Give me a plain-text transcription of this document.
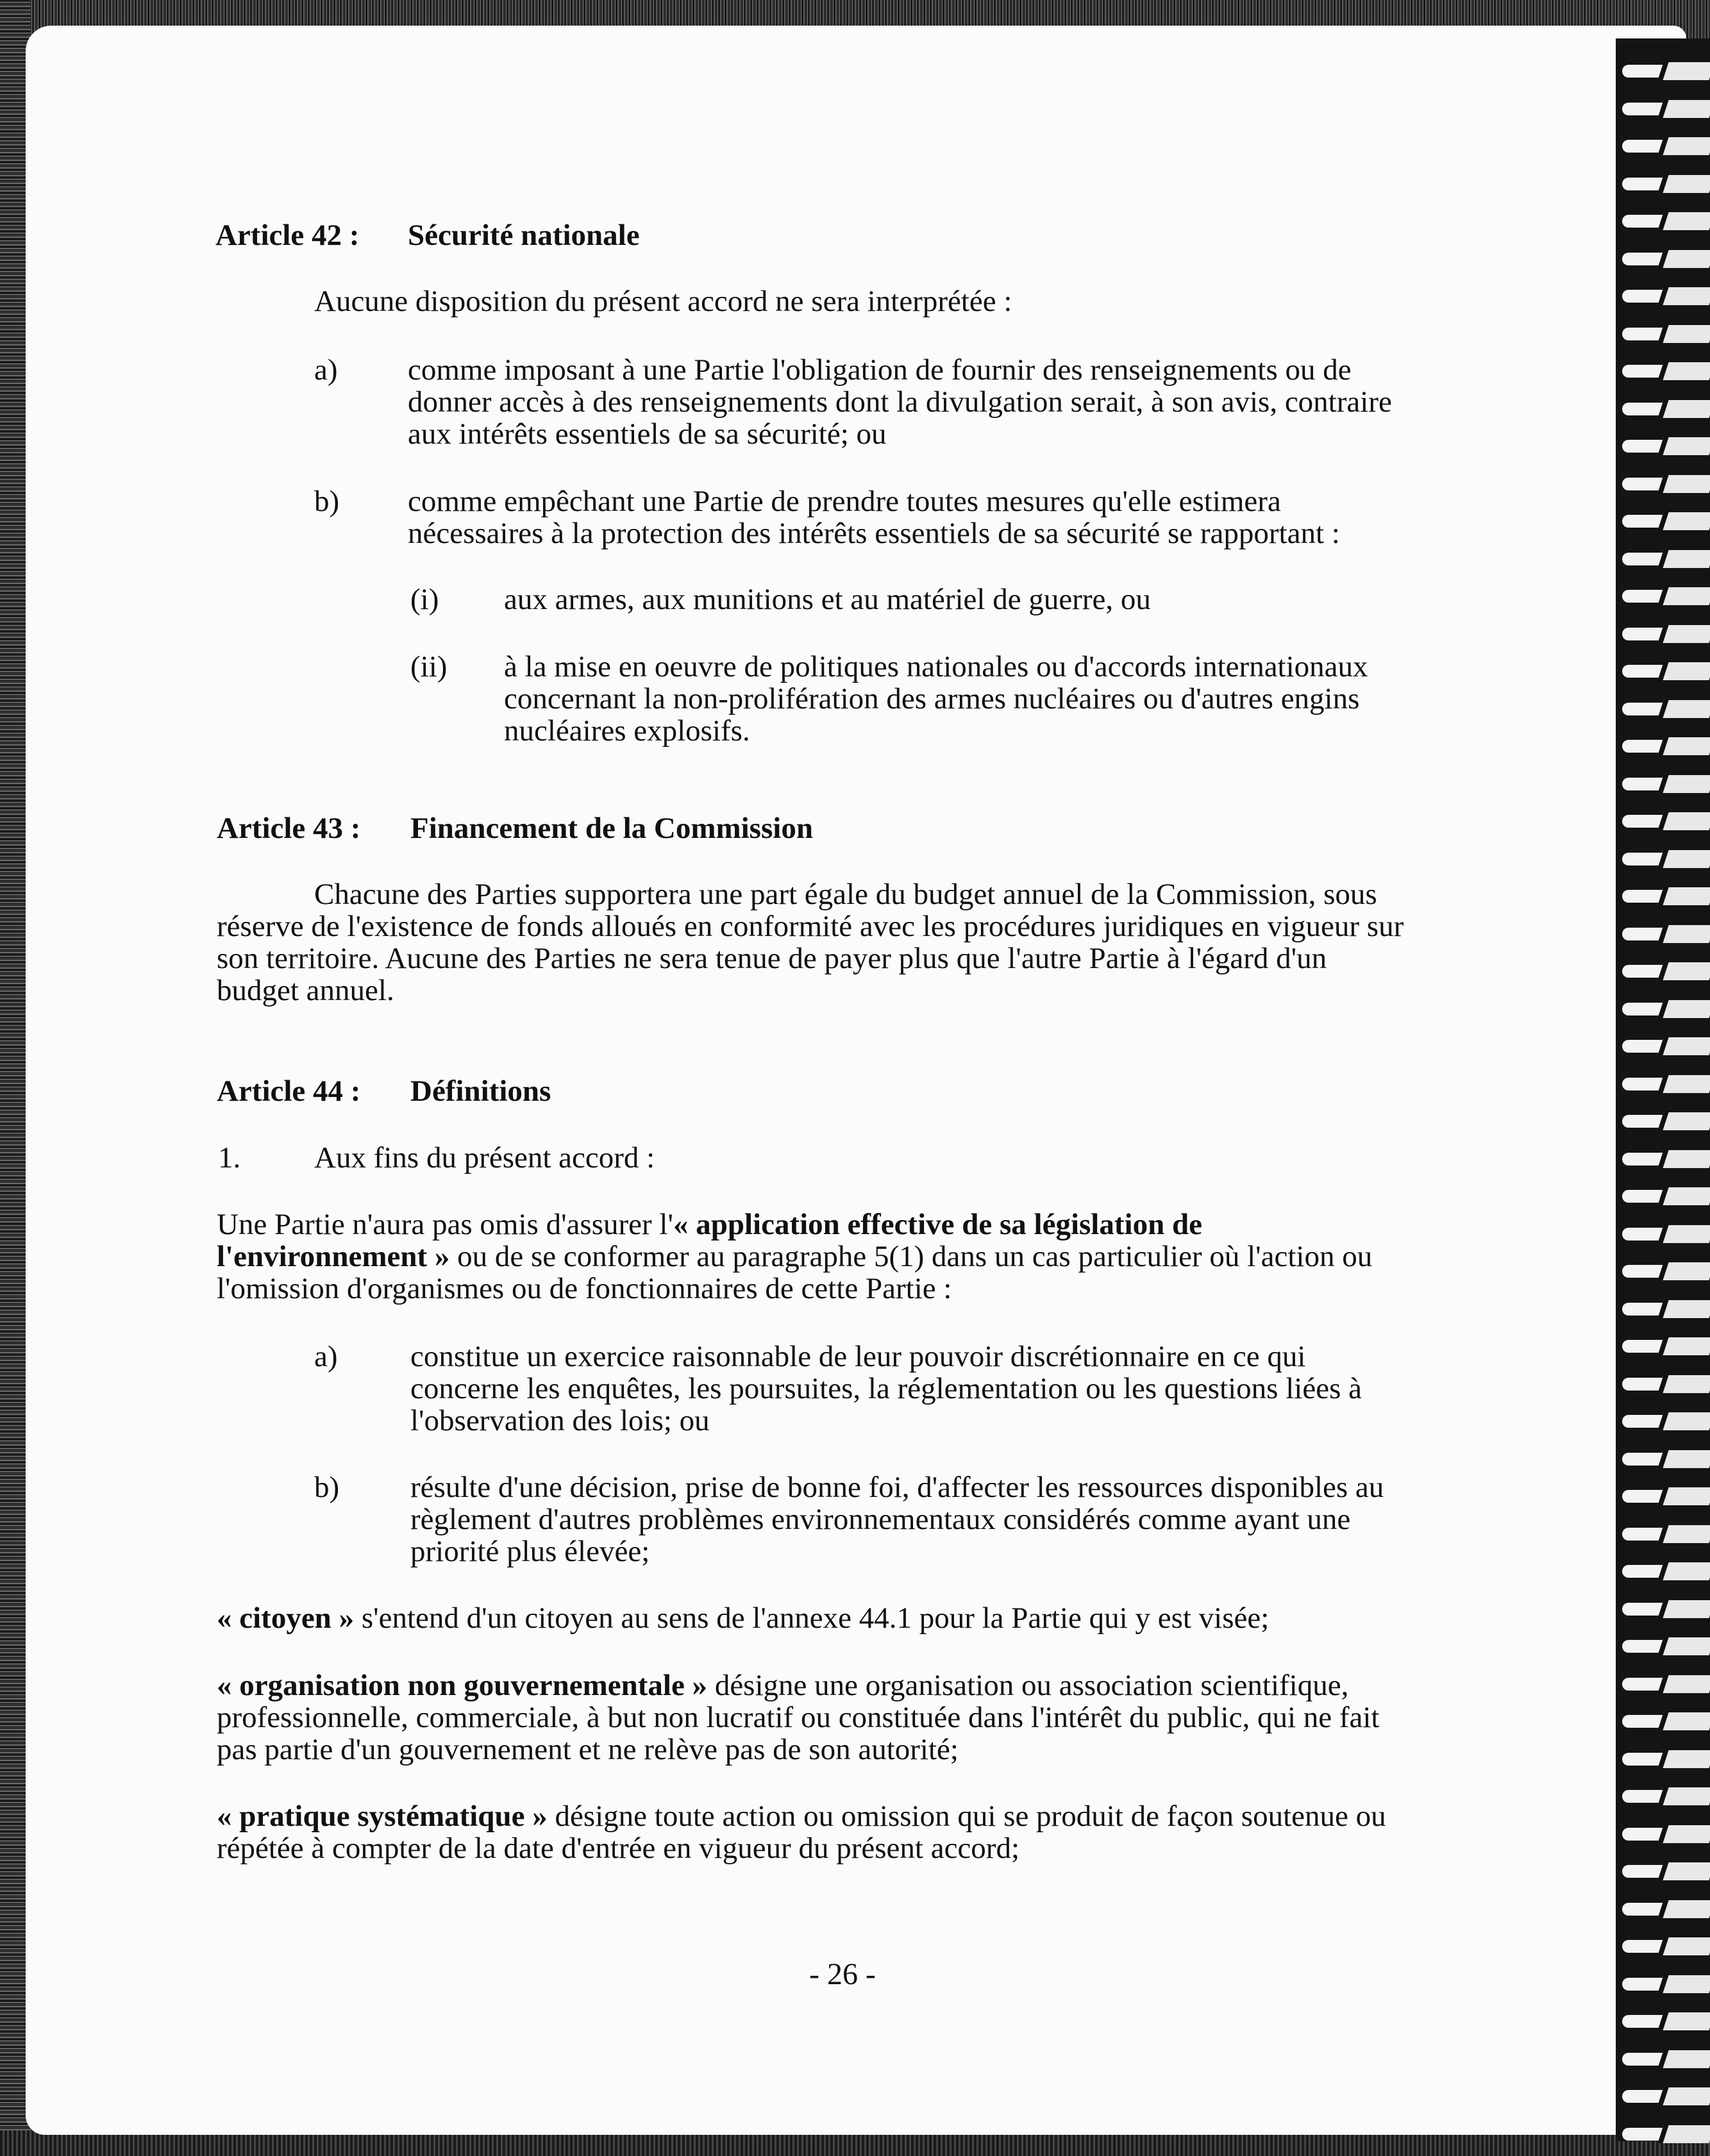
Article 42 : Sécurité nationale
Aucune disposition du présent accord ne sera interprétée :
a) comme imposant à une Partie l'obligation de fournir des renseignements ou de
donner accès à des renseignements dont la divulgation serait, à son avis, contraire
aux intérêts essentiels de sa sécurité; ou
b) comme empêchant une Partie de prendre toutes mesures qu'elle estimera
nécessaires à la protection des intérêts essentiels de sa sécurité se rapportant :
(i) aux armes, aux munitions et au matériel de guerre, ou
(ii) à la mise en oeuvre de politiques nationales ou d'accords internationaux
concernant la non-prolifération des armes nucléaires ou d'autres engins
nucléaires explosifs.
Article 43 : Financement de la Commission
Chacune des Parties supportera une part égale du budget annuel de la Commission, sous
réserve de l'existence de fonds alloués en conformité avec les procédures juridiques en vigueur sur
son territoire. Aucune des Parties ne sera tenue de payer plus que l'autre Partie à l'égard d'un
budget annuel.
Article 44 : Définitions
1. Aux fins du présent accord :
Une Partie n'aura pas omis d'assurer l'« application effective de sa législation de
l'environnement » ou de se conformer au paragraphe 5(1) dans un cas particulier où l'action ou
l'omission d'organismes ou de fonctionnaires de cette Partie :
a) constitue un exercice raisonnable de leur pouvoir discrétionnaire en ce qui
concerne les enquêtes, les poursuites, la réglementation ou les questions liées à
l'observation des lois; ou
b) résulte d'une décision, prise de bonne foi, d'affecter les ressources disponibles au
règlement d'autres problèmes environnementaux considérés comme ayant une
priorité plus élevée;
« citoyen » s'entend d'un citoyen au sens de l'annexe 44.1 pour la Partie qui y est visée;
« organisation non gouvernementale » désigne une organisation ou association scientifique,
professionnelle, commerciale, à but non lucratif ou constituée dans l'intérêt du public, qui ne fait
pas partie d'un gouvernement et ne relève pas de son autorité;
« pratique systématique » désigne toute action ou omission qui se produit de façon soutenue ou
répétée à compter de la date d'entrée en vigueur du présent accord;
- 26 -
